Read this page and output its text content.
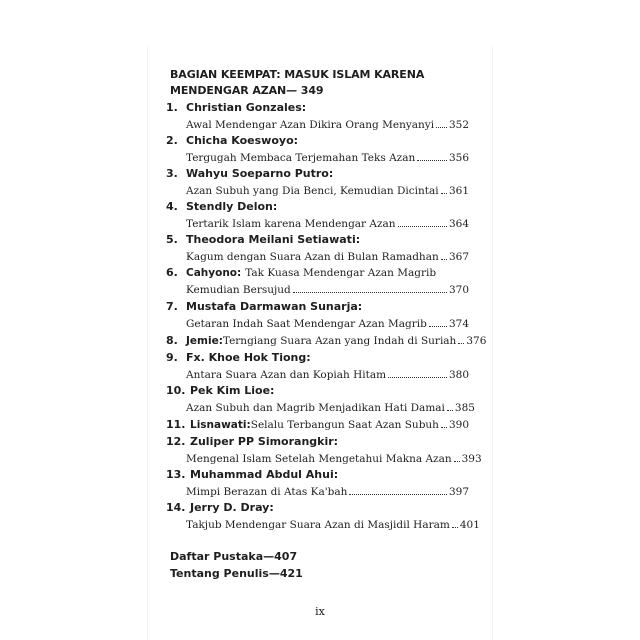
BAGIAN KEEMPAT: MASUK ISLAM KARENA
MENDENGAR AZAN— 349
1. Christian Gonzales:
Awal Mendengar Azan Dikira Orang Menyanyi 352
2. Chicha Koeswoyo:
Tergugah Membaca Terjemahan Teks Azan	356
3. Wahyu Soeparno Putro:
Azan Subuh yang Dia Benci, Kemudian Dicintai 361
4. Stendly Delon:
Tertarik Islam karena Mendengar Azan	364
5. Theodora Meilani Setiawati:
Kagum dengan Suara Azan di Bulan Ramadhan 367
6. Cahyono: Tak Kuasa Mendengar Azan Magrib
Kemudian Bersujud	370
7. Mustafa Darmawan Sunarja:
Getaran Indah Saat Mendengar Azan Magrib 374
8. Jemie: Terngiang Suara Azan yang Indah di Suriah 376
9. Fx. Khoe Hok Tiong:
Antara Suara Azan dan Kopiah Hitam	380
10. Pek Kim Lioe:
Azan Subuh dan Magrib Menjadikan Hati Damai 385
11. Lisnawati: Selalu Terbangun Saat Azan Subuh 390
12. Zuliper PP Simorangkir:
Mengenal Islam Setelah Mengetahui Makna Azan 393
13. Muhammad Abdul Ahui:
Mimpi Berazan di Atas Ka'bah	397
14. Jerry D. Dray:
Takjub Mendengar Suara Azan di Masjidil Haram 401
Daftar Pustaka—407
Tentang Penulis—421
ix
